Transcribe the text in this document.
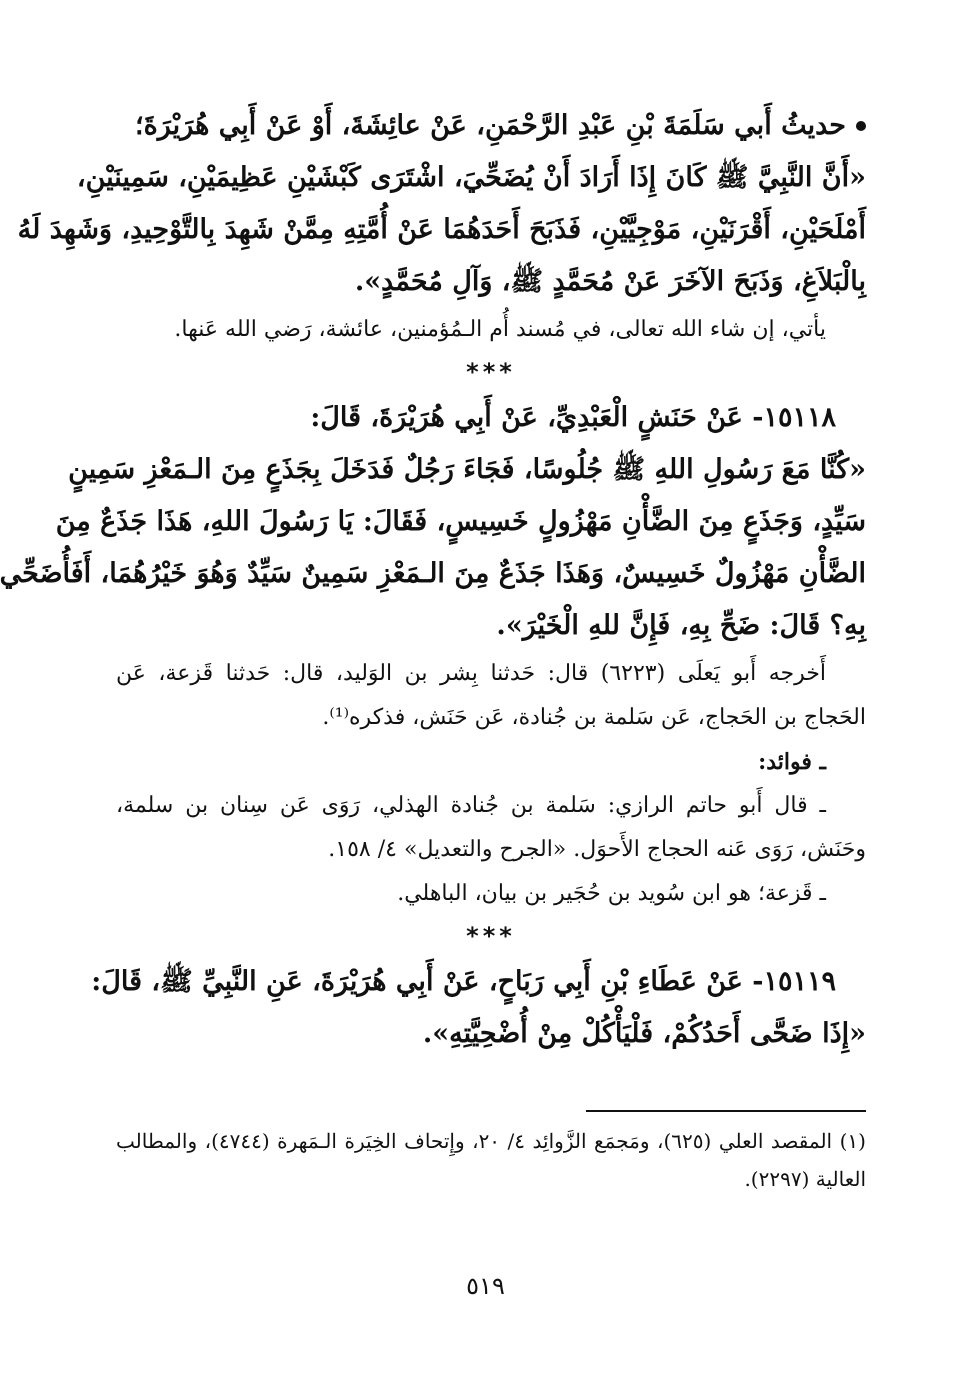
حديثُ أَبي سَلَمَةَ بْنِ عَبْدِ الرَّحْمَنِ، عَنْ عائِشَةَ، أَوْ عَنْ أَبِي هُرَيْرَةَ؛
«أَنَّ النَّبِيَّ ﷺ كَانَ إِذَا أَرَادَ أَنْ يُضَحِّيَ، اشْتَرَى كَبْشَيْنِ عَظِيمَيْنِ، سَمِينَيْنِ،
أَمْلَحَيْنِ، أَقْرَنَيْنِ، مَوْجِيَّيْنِ، فَذَبَحَ أَحَدَهُمَا عَنْ أُمَّتِهِ مِمَّنْ شَهِدَ بِالتَّوْحِيدِ، وَشَهِدَ لَهُ
بِالْبَلاَغِ، وَذَبَحَ الآخَرَ عَنْ مُحَمَّدٍ ﷺ، وَآلِ مُحَمَّدٍ».
يأتي، إن شاء الله تعالى، في مُسند أُم الـمُؤمنين، عائشة، رَضي الله عَنها.
***
١٥١١٨- عَنْ حَنَشٍ الْعَبْدِيِّ، عَنْ أَبِي هُرَيْرَةَ، قَالَ:
«كُنَّا مَعَ رَسُولِ اللهِ ﷺ جُلُوسًا، فَجَاءَ رَجُلٌ فَدَخَلَ بِجَذَعٍ مِنَ الـمَعْزِ سَمِينٍ
سَيِّدٍ، وَجَذَعٍ مِنَ الضَّأْنِ مَهْزُولٍ خَسِيسٍ، فَقَالَ: يَا رَسُولَ اللهِ، هَذَا جَذَعٌ مِنَ
الضَّأْنِ مَهْزُولٌ خَسِيسٌ، وَهَذَا جَذَعٌ مِنَ الـمَعْزِ سَمِينٌ سَيِّدٌ وَهُوَ خَيْرُهُمَا، أَفَأُضَحِّي
بِهِ؟ قَالَ: ضَحِّ بِهِ، فَإِنَّ للهِ الْخَيْرَ».
أَخرجه أَبو يَعلَى (٦٢٢٣) قال: حَدثنا بِشر بن الوَليد، قال: حَدثنا قَزعة، عَن
الحَجاج بن الحَجاج، عَن سَلمة بن جُنادة، عَن حَنَش، فذكره⁽¹⁾.
ـ فوائد:
ـ قال أَبو حاتم الرازي: سَلمة بن جُنادة الهذلي، رَوَى عَن سِنان بن سلمة،
وحَنَش، رَوَى عَنه الحجاج الأَحوَل. «الجرح والتعديل» ٤/ ١٥٨.
ـ قَزعة؛ هو ابن سُويد بن حُجَير بن بيان، الباهلي.
***
١٥١١٩- عَنْ عَطَاءِ بْنِ أَبِي رَبَاحٍ، عَنْ أَبِي هُرَيْرَةَ، عَنِ النَّبِيِّ ﷺ، قَالَ:
«إِذَا ضَحَّى أَحَدُكُمْ، فَلْيَأْكُلْ مِنْ أُضْحِيَّتِهِ».
(١) المقصد العلي (٦٢٥)، ومَجمَع الزَّوائِد ٤/ ٢٠، وإِتحاف الخِيَرة الـمَهرة (٤٧٤٤)، والمطالب
العالية (٢٢٩٧).
٥١٩
